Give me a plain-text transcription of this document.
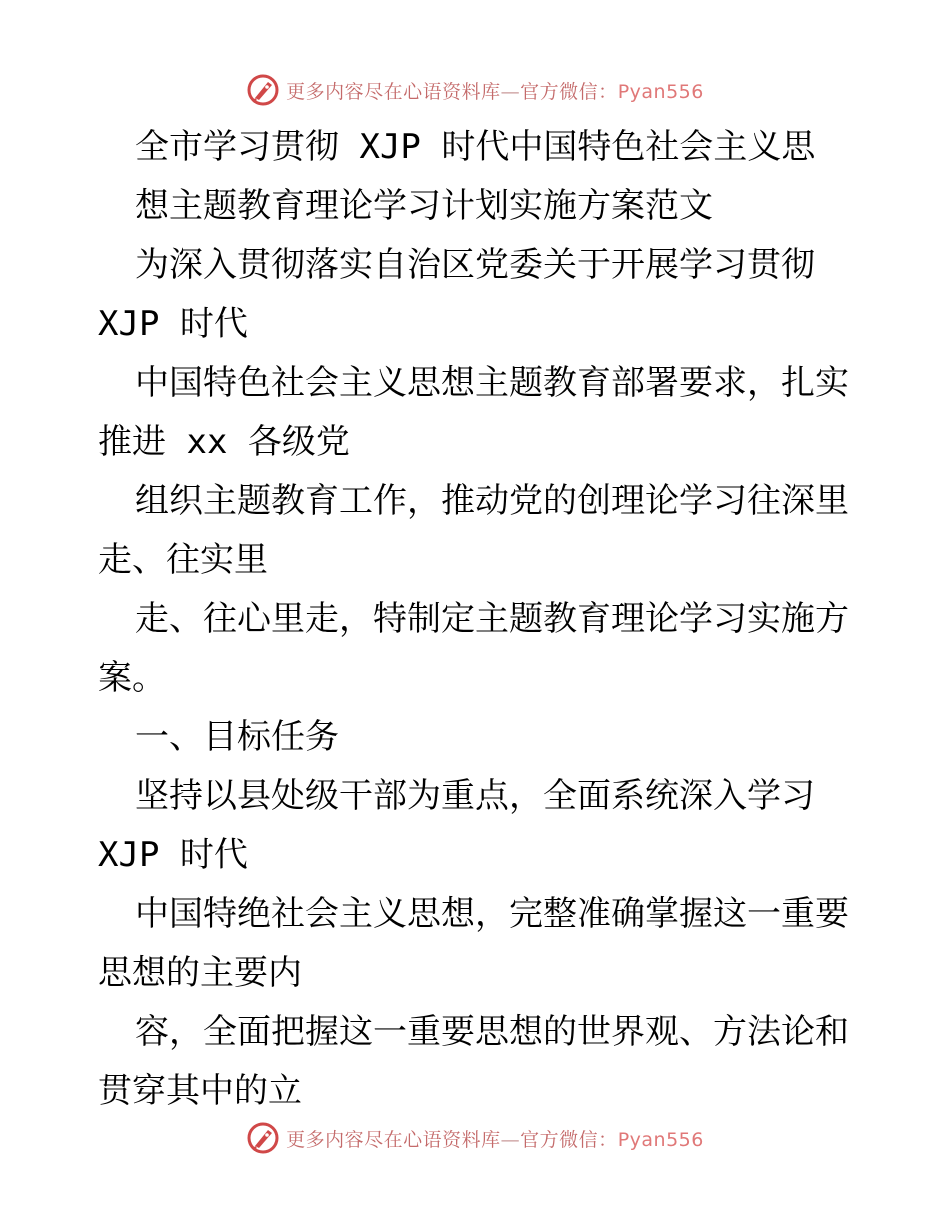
更多内容尽在心语资料库—官方微信：Pyan556
全市学习贯彻 XJP 时代中国特色社会主义思
想主题教育理论学习计划实施方案范文
为深入贯彻落实自治区党委关于开展学习贯彻
XJP 时代
中国特色社会主义思想主题教育部署要求，扎实
推进 xx 各级党
组织主题教育工作，推动党的创理论学习往深里
走、往实里
走、往心里走，特制定主题教育理论学习实施方
案。
一、目标任务
坚持以县处级干部为重点，全面系统深入学习
XJP 时代
中国特绝社会主义思想，完整准确掌握这一重要
思想的主要内
容，全面把握这一重要思想的世界观、方法论和
贯穿其中的立
更多内容尽在心语资料库—官方微信：Pyan556
